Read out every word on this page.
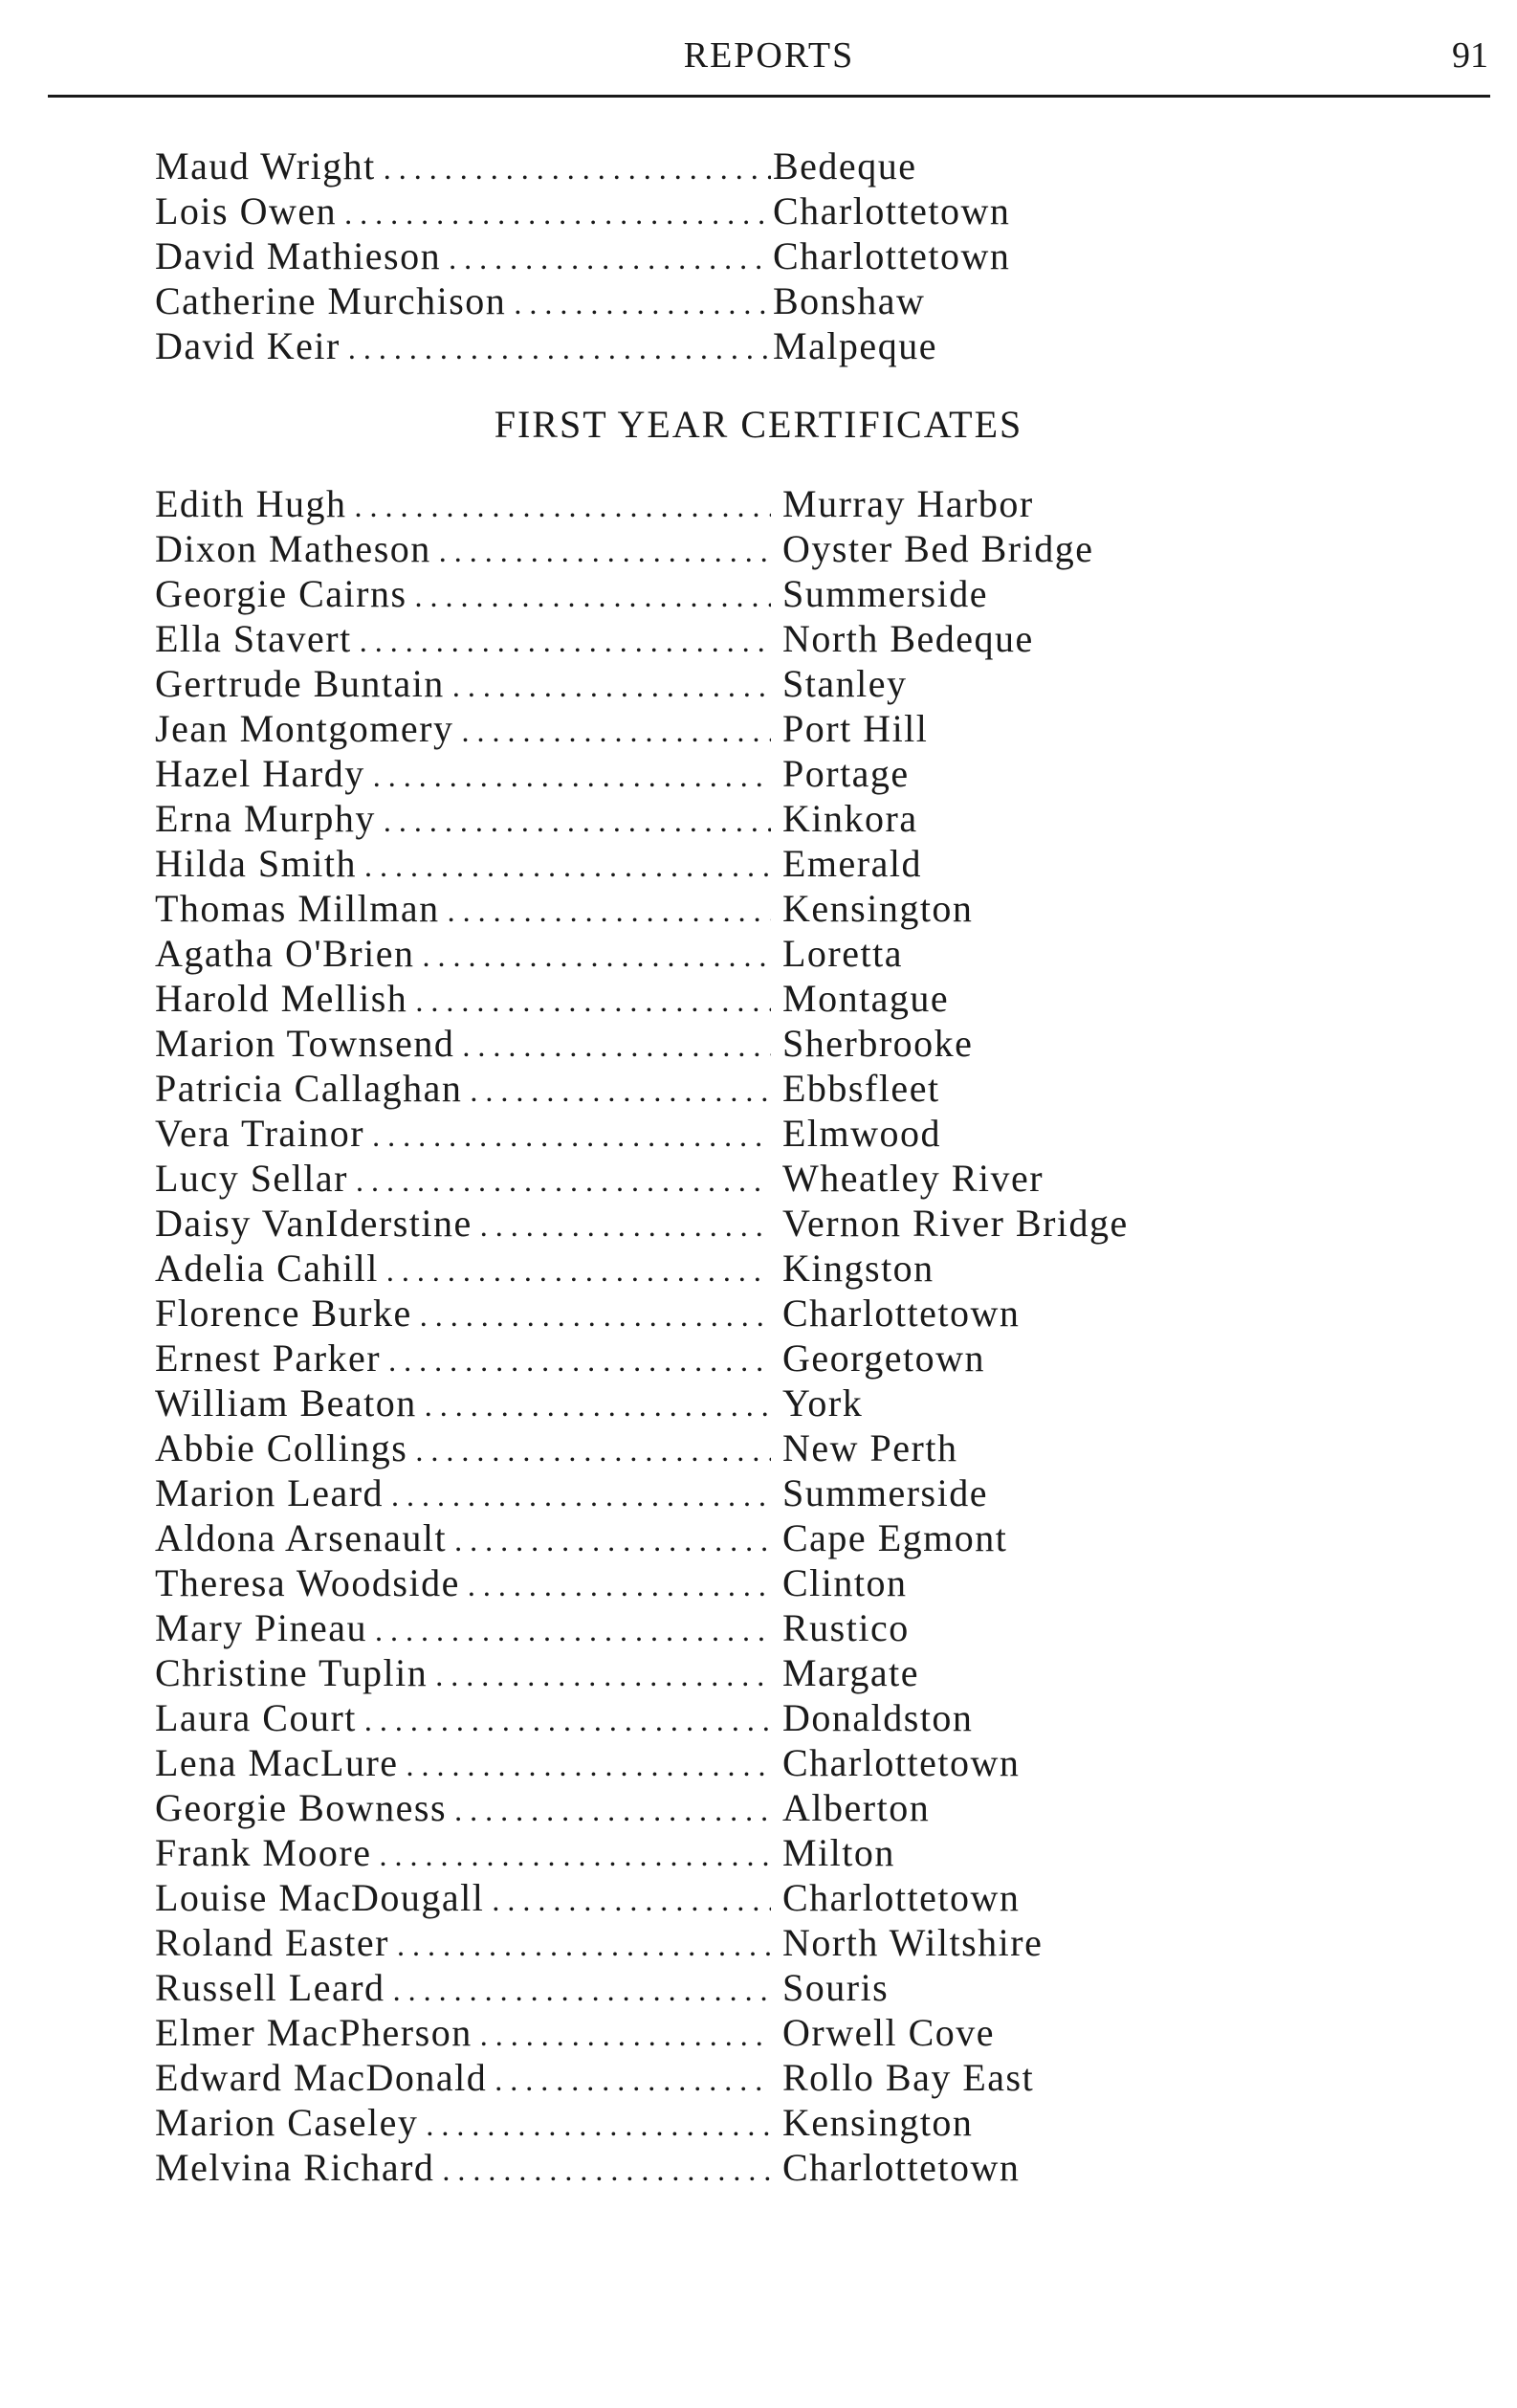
REPORTS	91
Maud Wright . . .	Bedeque
Lois Owen . . .	Charlottetown
David Mathieson . . .	Charlottetown
Catherine Murchison . . .	Bonshaw
David Keir . . .	Malpeque
FIRST YEAR CERTIFICATES
Edith Hugh . . .	Murray Harbor
Dixon Matheson . . .	Oyster Bed Bridge
Georgie Cairns . . .	Summerside
Ella Stavert . . .	North Bedeque
Gertrude Buntain . . .	Stanley
Jean Montgomery . . .	Port Hill
Hazel Hardy . . .	Portage
Erna Murphy . . .	Kinkora
Hilda Smith . . .	Emerald
Thomas Millman . . .	Kensington
Agatha O'Brien . . .	Loretta
Harold Mellish . . .	Montague
Marion Townsend . . .	Sherbrooke
Patricia Callaghan . . .	Ebbsfleet
Vera Trainor . . .	Elmwood
Lucy Sellar . . .	Wheatley River
Daisy VanIderstine . . .	Vernon River Bridge
Adelia Cahill . . .	Kingston
Florence Burke . . .	Charlottetown
Ernest Parker . . .	Georgetown
William Beaton . . .	York
Abbie Collings . . .	New Perth
Marion Leard . . .	Summerside
Aldona Arsenault . . .	Cape Egmont
Theresa Woodside . . .	Clinton
Mary Pineau . . .	Rustico
Christine Tuplin . . .	Margate
Laura Court . . .	Donaldston
Lena MacLure . . .	Charlottetown
Georgie Bowness . . .	Alberton
Frank Moore . . .	Milton
Louise MacDougall . . .	Charlottetown
Roland Easter . . .	North Wiltshire
Russell Leard . . .	Souris
Elmer MacPherson . . .	Orwell Cove
Edward MacDonald . . .	Rollo Bay East
Marion Caseley . . .	Kensington
Melvina Richard . . .	Charlottetown
